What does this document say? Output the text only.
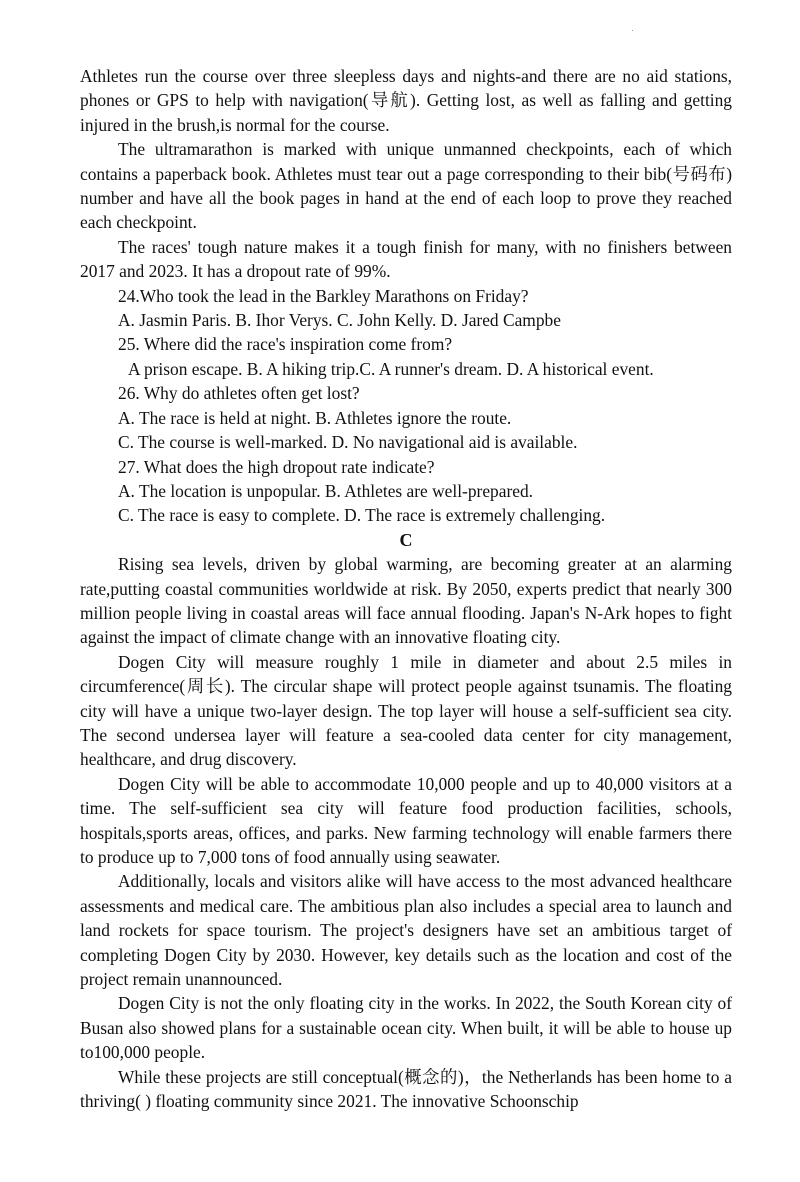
Athletes run the course over three sleepless days and nights-and there are no aid stations, phones or GPS to help with navigation(导航). Getting lost, as well as falling and getting injured in the brush,is normal for the course.

The ultramarathon is marked with unique unmanned checkpoints, each of which contains a paperback book. Athletes must tear out a page corresponding to their bib(号码布) number and have all the book pages in hand at the end of each loop to prove they reached each checkpoint.

The races' tough nature makes it a tough finish for many, with no finishers between 2017 and 2023. It has a dropout rate of 99%.

24.Who took the lead in the Barkley Marathons on Friday?

A. Jasmin Paris. B. Ihor Verys. C. John Kelly. D. Jared Campbe

25. Where did the race's inspiration come from?

A prison escape. B. A hiking trip.C. A runner's dream. D. A historical event.

26. Why do athletes often get lost?

A. The race is held at night. B. Athletes ignore the route.

C. The course is well-marked. D. No navigational aid is available.

27. What does the high dropout rate indicate?

A. The location is unpopular. B. Athletes are well-prepared.

C. The race is easy to complete. D. The race is extremely challenging.

C

Rising sea levels, driven by global warming, are becoming greater at an alarming rate,putting coastal communities worldwide at risk. By 2050, experts predict that nearly 300 million people living in coastal areas will face annual flooding. Japan's N-Ark hopes to fight against the impact of climate change with an innovative floating city.

Dogen City will measure roughly 1 mile in diameter and about 2.5 miles in circumference(周长). The circular shape will protect people against tsunamis. The floating city will have a unique two-layer design. The top layer will house a self-sufficient sea city. The second undersea layer will feature a sea-cooled data center for city management, healthcare, and drug discovery.

Dogen City will be able to accommodate 10,000 people and up to 40,000 visitors at a time. The self-sufficient sea city will feature food production facilities, schools, hospitals,sports areas, offices, and parks. New farming technology will enable farmers there to produce up to 7,000 tons of food annually using seawater.

Additionally, locals and visitors alike will have access to the most advanced healthcare assessments and medical care. The ambitious plan also includes a special area to launch and land rockets for space tourism. The project's designers have set an ambitious target of completing Dogen City by 2030. However, key details such as the location and cost of the project remain unannounced.

Dogen City is not the only floating city in the works. In 2022, the South Korean city of Busan also showed plans for a sustainable ocean city. When built, it will be able to house up to100,000 people.

While these projects are still conceptual(概念的)，the Netherlands has been home to a thriving( ) floating community since 2021. The innovative Schoonschip
